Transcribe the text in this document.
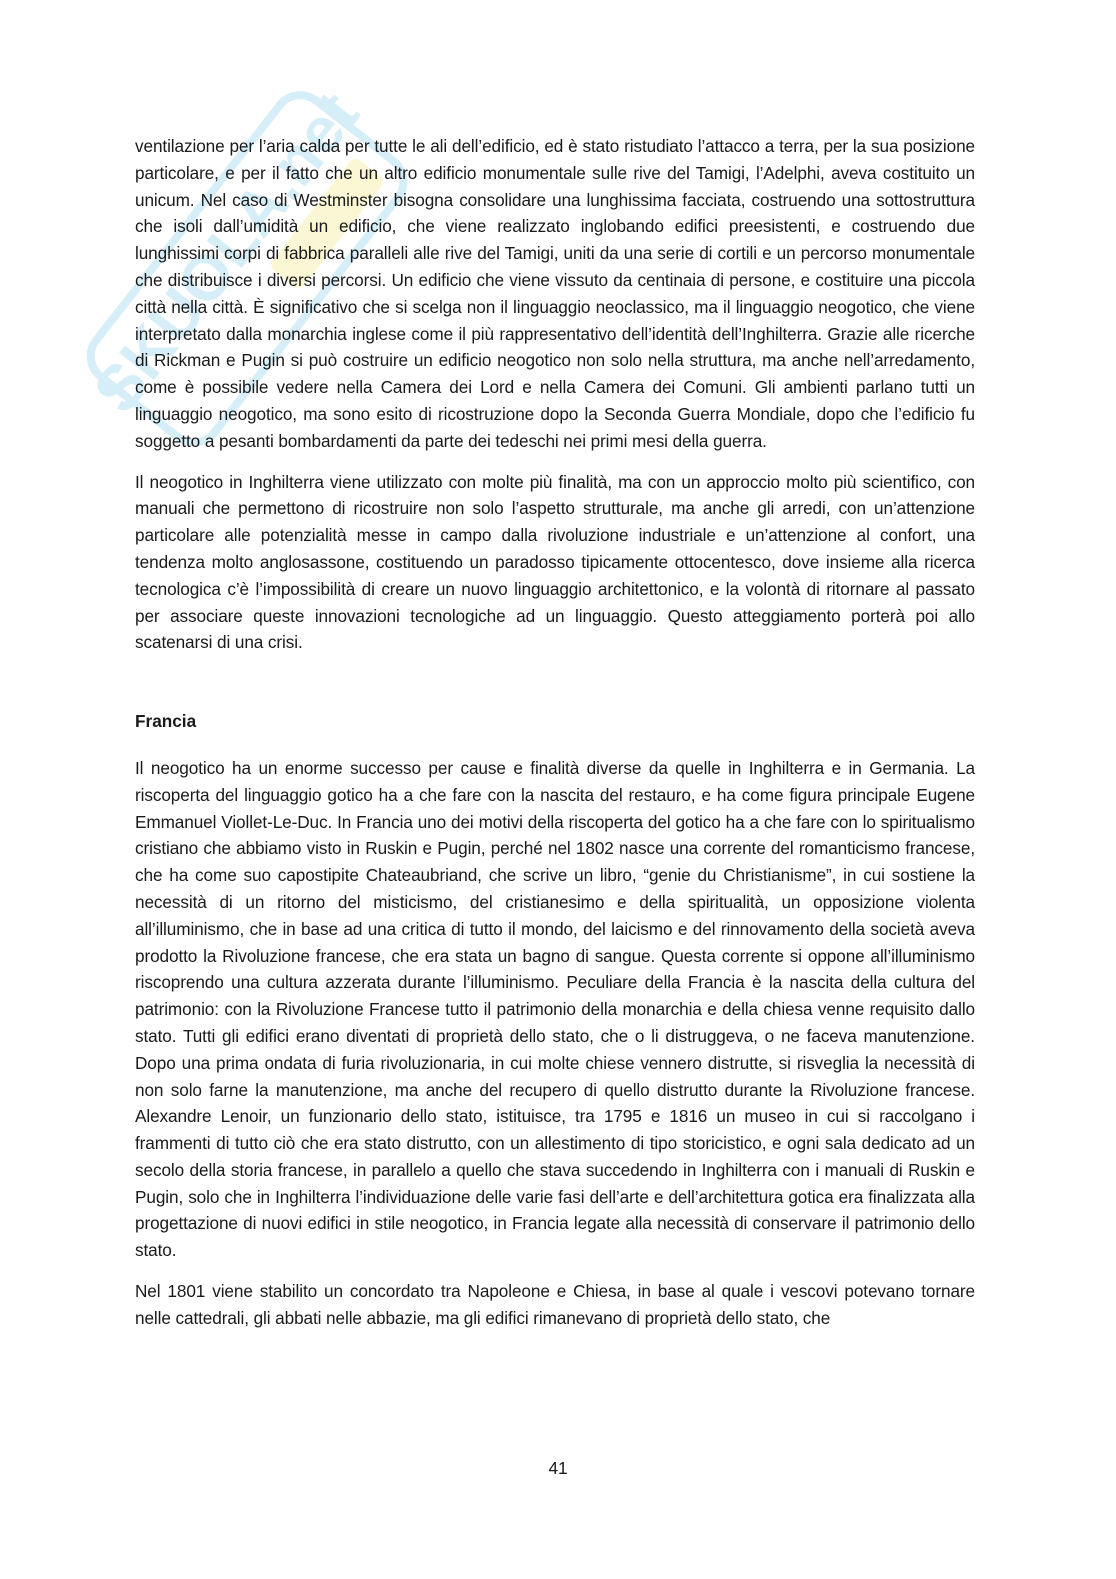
SKUOLA.net

ventilazione per l’aria calda per tutte le ali dell’edificio, ed è stato ristudiato l’attacco a terra, per la sua posizione particolare, e per il fatto che un altro edificio monumentale sulle rive del Tamigi, l’Adelphi, aveva costituito un unicum. Nel caso di Westminster bisogna consolidare una lunghissima facciata, costruendo una sottostruttura che isoli dall’umidità un edificio, che viene realizzato inglobando edifici preesistenti, e costruendo due lunghissimi corpi di fabbrica paralleli alle rive del Tamigi, uniti da una serie di cortili e un percorso monumentale che distribuisce i diversi percorsi. Un edificio che viene vissuto da centinaia di persone, e costituire una piccola città nella città. È significativo che si scelga non il linguaggio neoclassico, ma il linguaggio neogotico, che viene interpretato dalla monarchia inglese come il più rappresentativo dell’identità dell’Inghilterra. Grazie alle ricerche di Rickman e Pugin si può costruire un edificio neogotico non solo nella struttura, ma anche nell’arredamento, come è possibile vedere nella Camera dei Lord e nella Camera dei Comuni. Gli ambienti parlano tutti un linguaggio neogotico, ma sono esito di ricostruzione dopo la Seconda Guerra Mondiale, dopo che l’edificio fu soggetto a pesanti bombardamenti da parte dei tedeschi nei primi mesi della guerra.

Il neogotico in Inghilterra viene utilizzato con molte più finalità, ma con un approccio molto più scientifico, con manuali che permettono di ricostruire non solo l’aspetto strutturale, ma anche gli arredi, con un’attenzione particolare alle potenzialità messe in campo dalla rivoluzione industriale e un’attenzione al confort, una tendenza molto anglosassone, costituendo un paradosso tipicamente ottocentesco, dove insieme alla ricerca tecnologica c’è l’impossibilità di creare un nuovo linguaggio architettonico, e la volontà di ritornare al passato per associare queste innovazioni tecnologiche ad un linguaggio. Questo atteggiamento porterà poi allo scatenarsi di una crisi.

Francia

Il neogotico ha un enorme successo per cause e finalità diverse da quelle in Inghilterra e in Germania. La riscoperta del linguaggio gotico ha a che fare con la nascita del restauro, e ha come figura principale Eugene Emmanuel Viollet-Le-Duc. In Francia uno dei motivi della riscoperta del gotico ha a che fare con lo spiritualismo cristiano che abbiamo visto in Ruskin e Pugin, perché nel 1802 nasce una corrente del romanticismo francese, che ha come suo capostipite Chateaubriand, che scrive un libro, “genie du Christianisme”, in cui sostiene la necessità di un ritorno del misticismo, del cristianesimo e della spiritualità, un opposizione violenta all’illuminismo, che in base ad una critica di tutto il mondo, del laicismo e del rinnovamento della società aveva prodotto la Rivoluzione francese, che era stata un bagno di sangue. Questa corrente si oppone all’illuminismo riscoprendo una cultura azzerata durante l’illuminismo. Peculiare della Francia è la nascita della cultura del patrimonio: con la Rivoluzione Francese tutto il patrimonio della monarchia e della chiesa venne requisito dallo stato. Tutti gli edifici erano diventati di proprietà dello stato, che o li distruggeva, o ne faceva manutenzione. Dopo una prima ondata di furia rivoluzionaria, in cui molte chiese vennero distrutte, si risveglia la necessità di non solo farne la manutenzione, ma anche del recupero di quello distrutto durante la Rivoluzione francese. Alexandre Lenoir, un funzionario dello stato, istituisce, tra 1795 e 1816 un museo in cui si raccolgano i frammenti di tutto ciò che era stato distrutto, con un allestimento di tipo storicistico, e ogni sala dedicato ad un secolo della storia francese, in parallelo a quello che stava succedendo in Inghilterra con i manuali di Ruskin e Pugin, solo che in Inghilterra l’individuazione delle varie fasi dell’arte e dell’architettura gotica era finalizzata alla progettazione di nuovi edifici in stile neogotico, in Francia legate alla necessità di conservare il patrimonio dello stato.

Nel 1801 viene stabilito un concordato tra Napoleone e Chiesa, in base al quale i vescovi potevano tornare nelle cattedrali, gli abbati nelle abbazie, ma gli edifici rimanevano di proprietà dello stato, che

41
